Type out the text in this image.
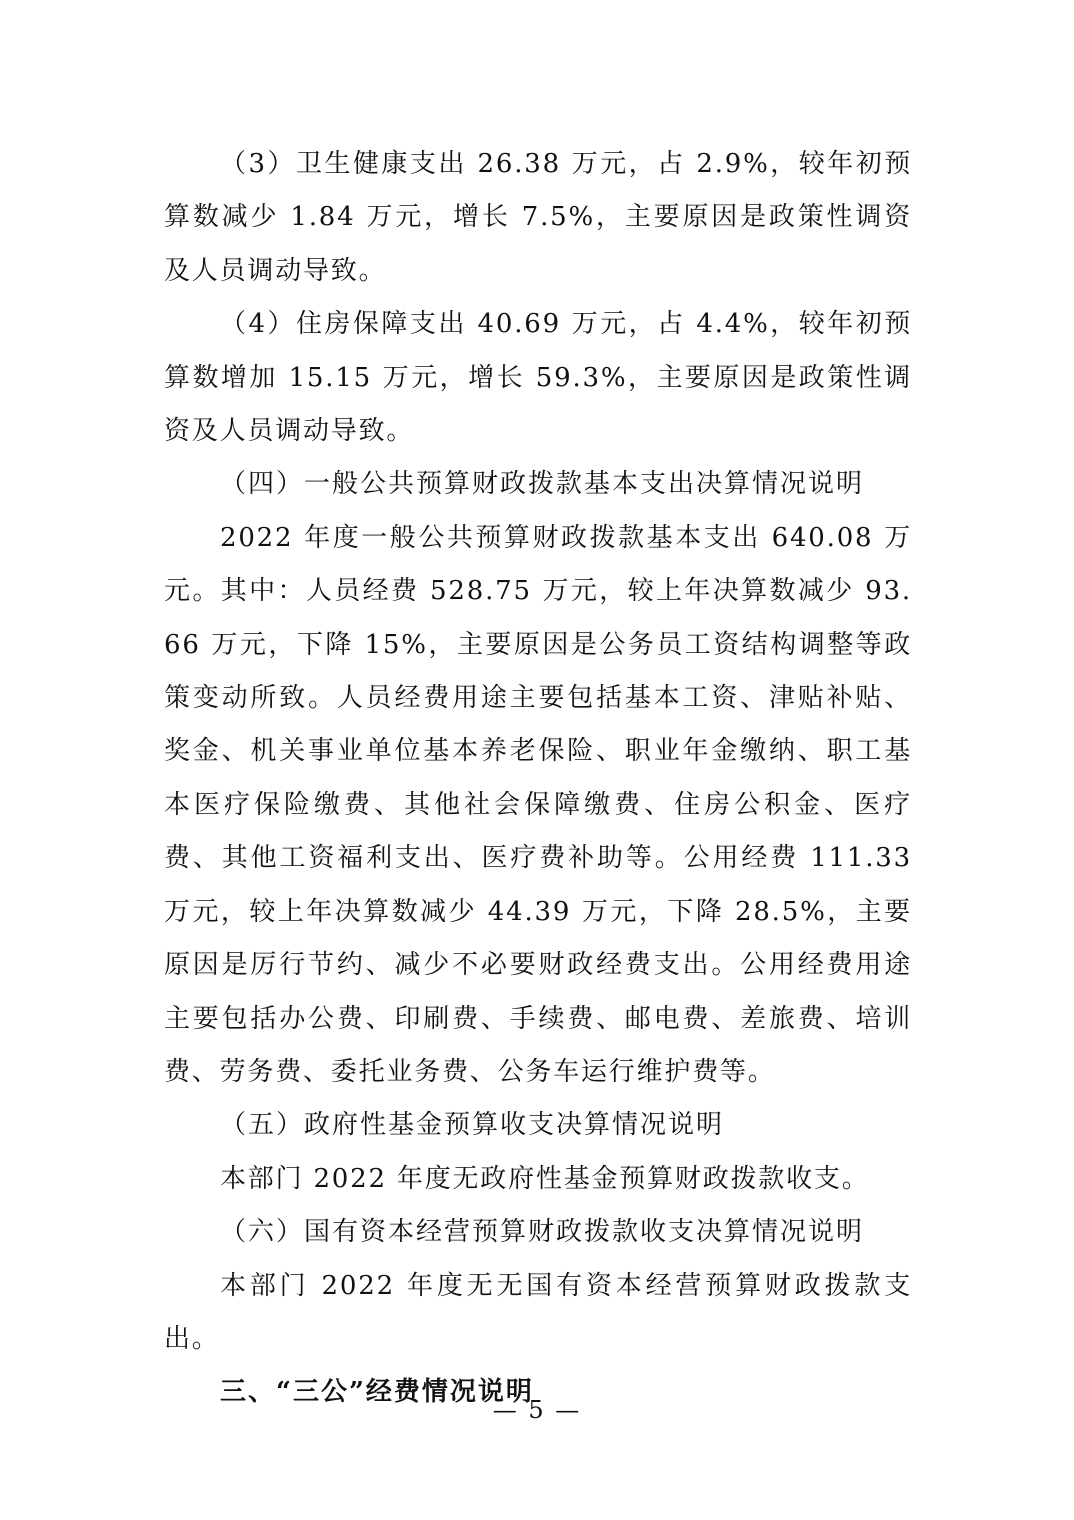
（3）卫生健康支出 26.38 万元，占 2.9%，较年初预算数减少 1.84 万元，增长 7.5%，主要原因是政策性调资及人员调动导致。

（4）住房保障支出 40.69 万元，占 4.4%，较年初预算数增加 15.15 万元，增长 59.3%，主要原因是政策性调资及人员调动导致。

（四）一般公共预算财政拨款基本支出决算情况说明

2022 年度一般公共预算财政拨款基本支出 640.08 万元。其中：人员经费 528.75 万元，较上年决算数减少 93.66 万元，下降 15%，主要原因是公务员工资结构调整等政策变动所致。人员经费用途主要包括基本工资、津贴补贴、奖金、机关事业单位基本养老保险、职业年金缴纳、职工基本医疗保险缴费、其他社会保障缴费、住房公积金、医疗费、其他工资福利支出、医疗费补助等。公用经费 111.33 万元，较上年决算数减少 44.39 万元，下降 28.5%，主要原因是厉行节约、减少不必要财政经费支出。公用经费用途主要包括办公费、印刷费、手续费、邮电费、差旅费、培训费、劳务费、委托业务费、公务车运行维护费等。

（五）政府性基金预算收支决算情况说明

本部门 2022 年度无政府性基金预算财政拨款收支。

（六）国有资本经营预算财政拨款收支决算情况说明

本部门 2022 年度无无国有资本经营预算财政拨款支出。

三、“三公”经费情况说明

— 5 —
